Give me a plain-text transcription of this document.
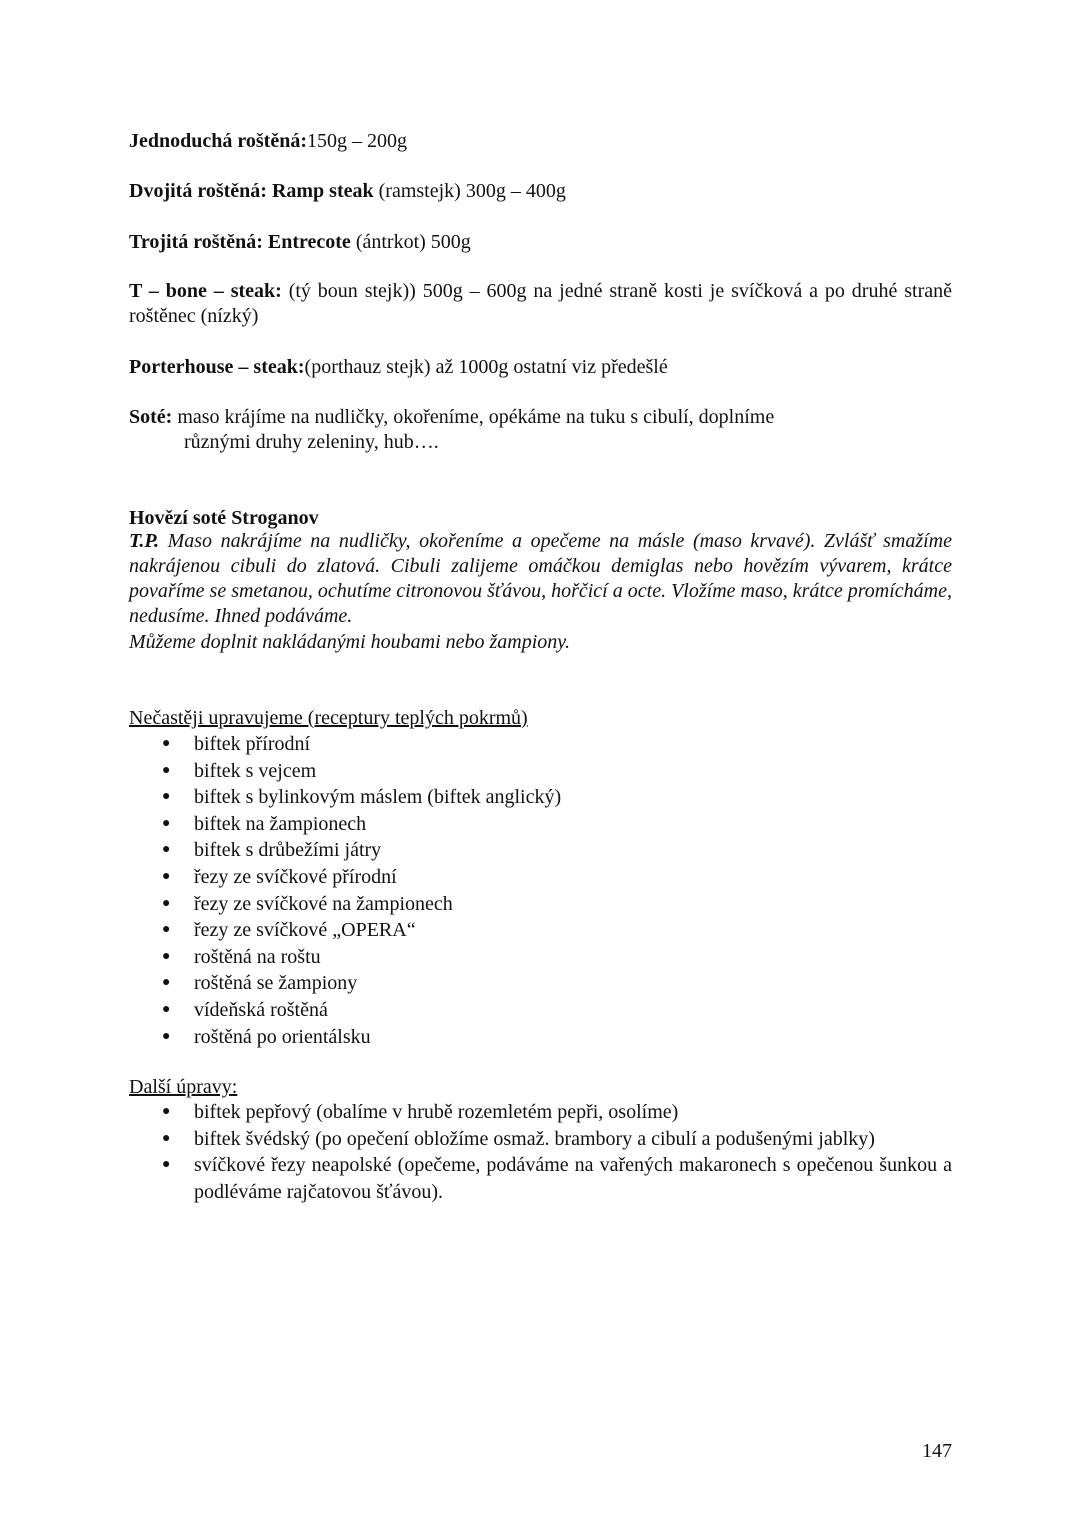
Jednoduchá roštěná:150g – 200g
Dvojitá roštěná: Ramp steak (ramstejk) 300g – 400g
Trojitá roštěná: Entrecote (ántrkot) 500g
T – bone – steak: (tý boun stejk)) 500g – 600g na jedné straně kosti je svíčková a po druhé straně roštěnec (nízký)
Porterhouse – steak:(porthauz stejk) až 1000g ostatní viz předešlé
Soté: maso krájíme na nudličky, okořeníme, opékáme na tuku s cibulí, doplníme
různými druhy zeleniny, hub….
Hovězí soté Stroganov
T.P. Maso nakrájíme na nudličky, okořeníme a opečeme na másle (maso krvavé). Zvlášť smažíme nakrájenou cibuli do zlatová. Cibuli zalijeme omáčkou demiglas nebo hovězím vývarem, krátce povaříme se smetanou, ochutíme citronovou šťávou, hořčicí a octe. Vložíme maso, krátce promícháme, nedusíme. Ihned podáváme.
Můžeme doplnit nakládanými houbami nebo žampiony.
Nečastěji upravujeme (receptury teplých pokrmů)
● biftek přírodní
● biftek s vejcem
● biftek s bylinkovým máslem (biftek anglický)
● biftek na žampionech
● biftek s drůbežími játry
● řezy ze svíčkové přírodní
● řezy ze svíčkové na žampionech
● řezy ze svíčkové „OPERA“
● roštěná na roštu
● roštěná se žampiony
● vídeňská roštěná
● roštěná po orientálsku
Další úpravy:
● biftek pepřový (obalíme v hrubě rozemletém pepři, osolíme)
● biftek švédský (po opečení obložíme osmaž. brambory a cibulí a podušenými jablky)
● svíčkové řezy neapolské (opečeme, podáváme na vařených makaronech s opečenou šunkou a podléváme rajčatovou šťávou).
147
